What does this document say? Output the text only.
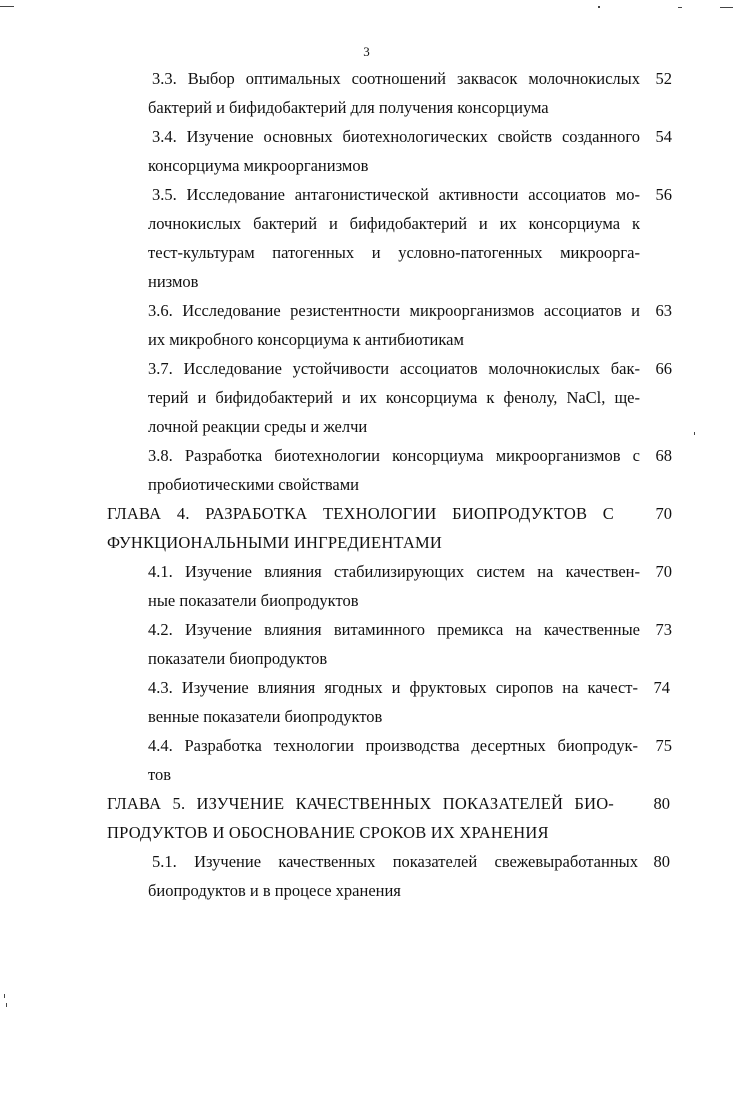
3
3.3. Выбор оптимальных соотношений заквасок молочнокислых
бактерий и бифидобактерий для получения консорциума
52
3.4. Изучение основных биотехнологических свойств созданного
консорциума микроорганизмов
54
3.5. Исследование антагонистической активности ассоциатов мо-
лочнокислых бактерий и бифидобактерий и их консорциума к
тест-культурам патогенных и условно-патогенных микроорга-
низмов
56
3.6. Исследование резистентности микроорганизмов ассоциатов и
их микробного консорциума к антибиотикам
63
3.7. Исследование устойчивости ассоциатов молочнокислых бак-
терий и бифидобактерий и их консорциума к фенолу, NaCl, ще-
лочной реакции среды и желчи
66
3.8. Разработка биотехнологии консорциума микроорганизмов с
пробиотическими свойствами
68
ГЛАВА 4. РАЗРАБОТКА ТЕХНОЛОГИИ БИОПРОДУКТОВ С
ФУНКЦИОНАЛЬНЫМИ ИНГРЕДИЕНТАМИ
70
4.1. Изучение влияния стабилизирующих систем на качествен-
ные показатели биопродуктов
70
4.2. Изучение влияния витаминного премикса на качественные
показатели биопродуктов
73
4.3. Изучение влияния ягодных и фруктовых сиропов на качест-
венные показатели биопродуктов
74
4.4. Разработка технологии производства десертных биопродук-
тов
75
ГЛАВА 5. ИЗУЧЕНИЕ КАЧЕСТВЕННЫХ ПОКАЗАТЕЛЕЙ БИО-
ПРОДУКТОВ И ОБОСНОВАНИЕ СРОКОВ ИХ ХРАНЕНИЯ
80
5.1. Изучение качественных показателей свежевыработанных
биопродуктов и в процесе хранения
80
